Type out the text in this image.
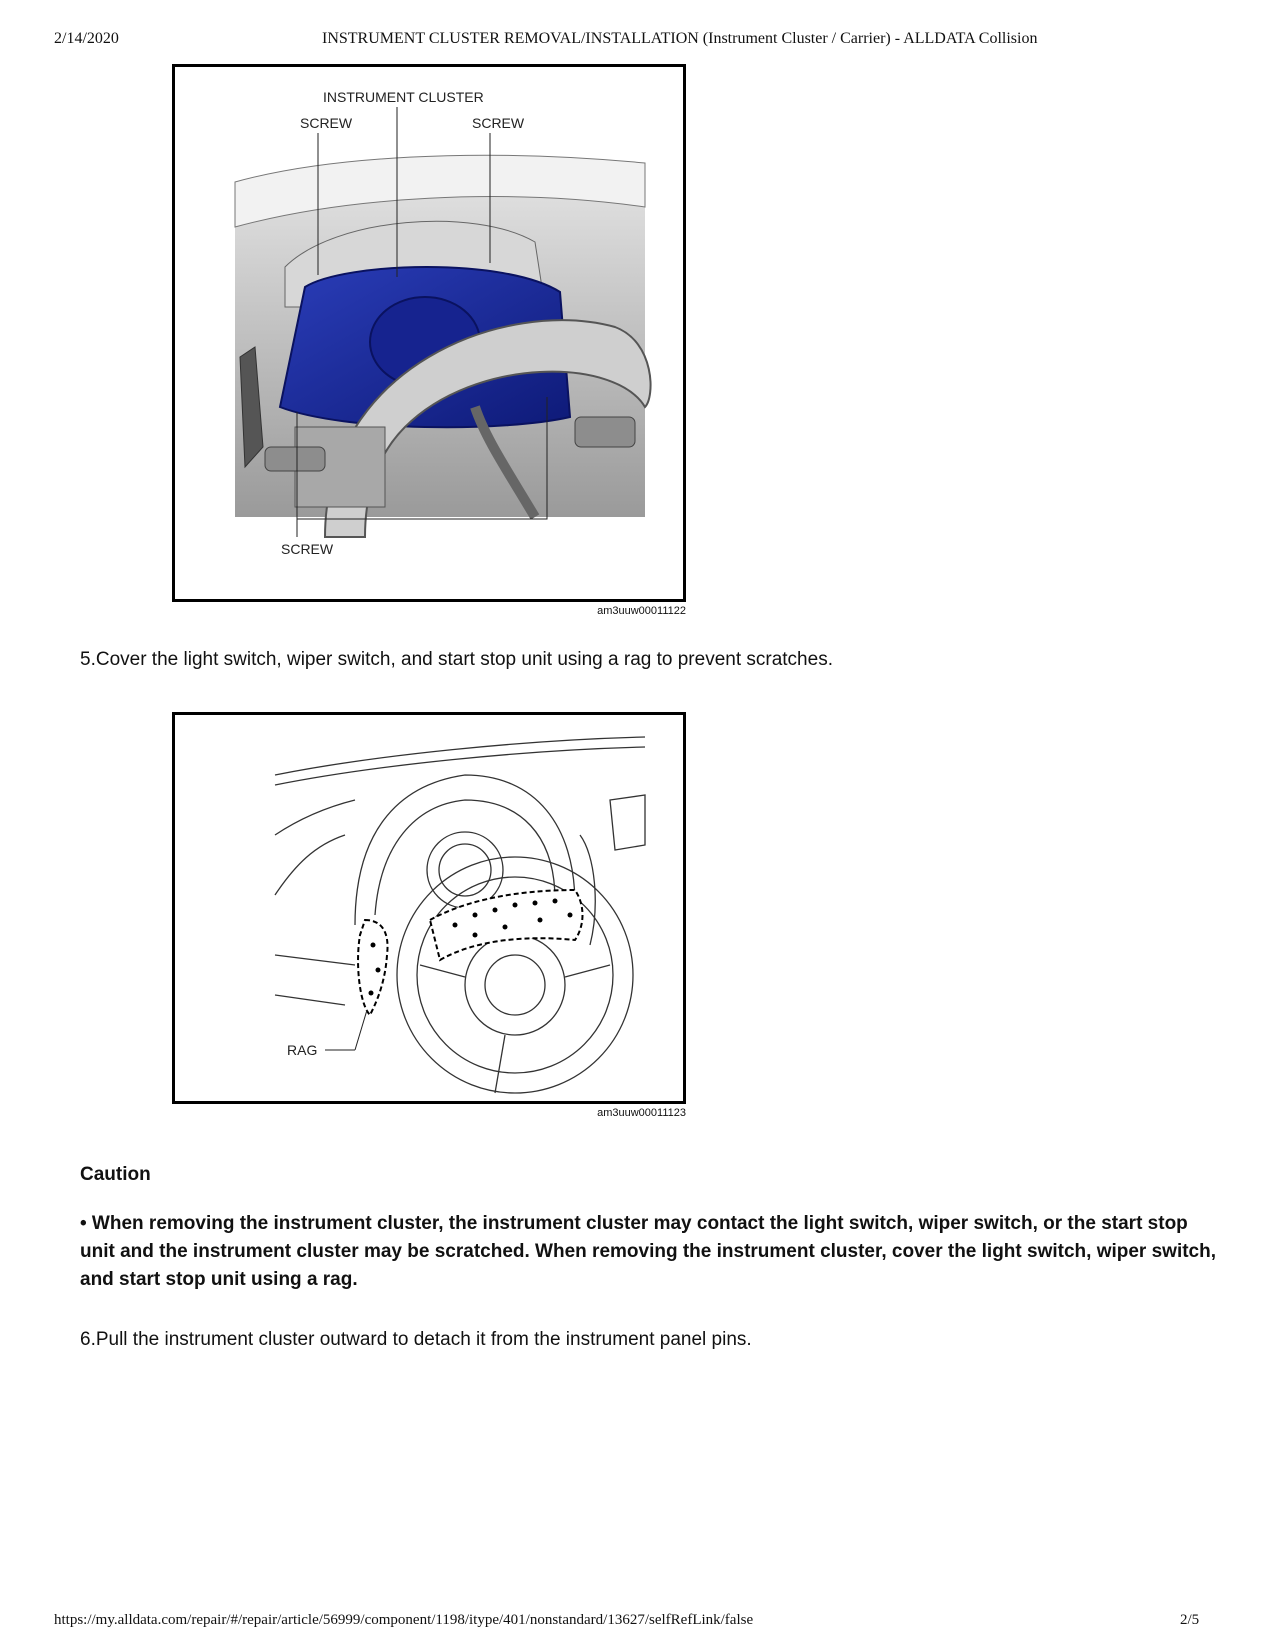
2/14/2020	INSTRUMENT CLUSTER REMOVAL/INSTALLATION (Instrument Cluster / Carrier) - ALLDATA Collision
INSTRUMENT CLUSTER
SCREW	SCREW
SCREW
am3uuw00011122
5.Cover the light switch, wiper switch, and start stop unit using a rag to prevent scratches.
RAG
am3uuw00011123
Caution
• When removing the instrument cluster, the instrument cluster may contact the light switch, wiper switch, or the start stop unit and the instrument cluster may be scratched. When removing the instrument cluster, cover the light switch, wiper switch, and start stop unit using a rag.
6.Pull the instrument cluster outward to detach it from the instrument panel pins.
https://my.alldata.com/repair/#/repair/article/56999/component/1198/itype/401/nonstandard/13627/selfRefLink/false	2/5
